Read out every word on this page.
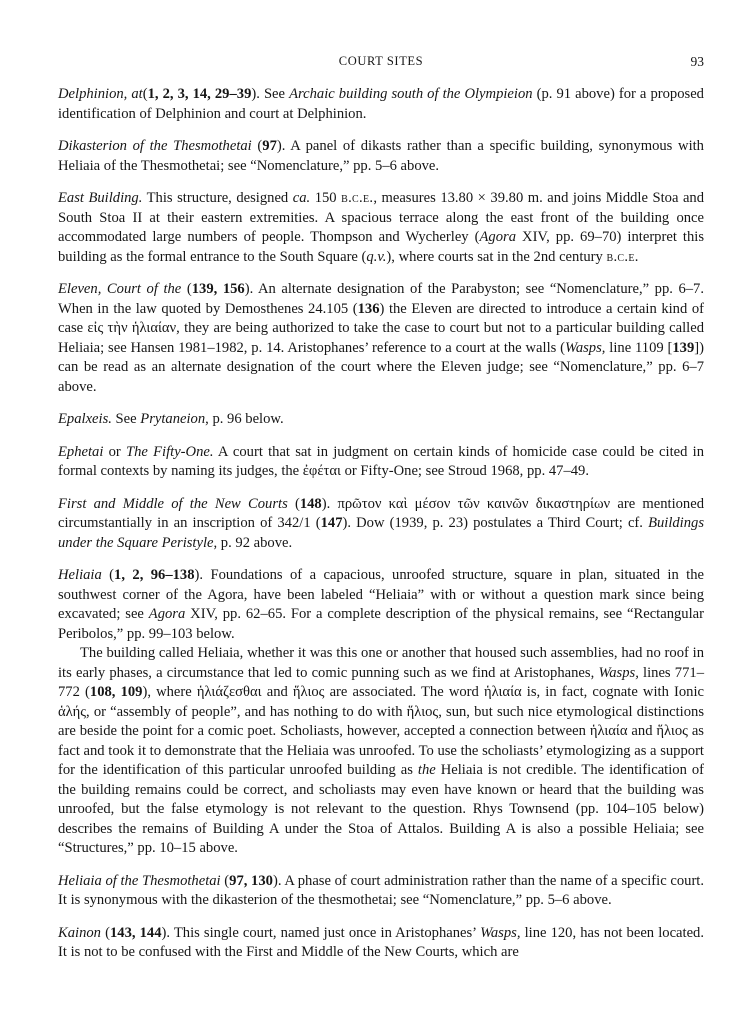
COURT SITES	93

Delphinion, at(1, 2, 3, 14, 29–39). See Archaic building south of the Olympieion (p. 91 above) for a proposed identification of Delphinion and court at Delphinion.

Dikasterion of the Thesmothetai (97). A panel of dikasts rather than a specific building, synonymous with Heliaia of the Thesmothetai; see “Nomenclature,” pp. 5–6 above.

East Building. This structure, designed ca. 150 b.c.e., measures 13.80 × 39.80 m. and joins Middle Stoa and South Stoa II at their eastern extremities. A spacious terrace along the east front of the building once accommodated large numbers of people. Thompson and Wycherley (Agora XIV, pp. 69–70) interpret this building as the formal entrance to the South Square (q.v.), where courts sat in the 2nd century b.c.e.

Eleven, Court of the (139, 156). An alternate designation of the Parabyston; see “Nomenclature,” pp. 6–7. When in the law quoted by Demosthenes 24.105 (136) the Eleven are directed to introduce a certain kind of case εἰς τὴν ἡλιαίαν, they are being authorized to take the case to court but not to a particular building called Heliaia; see Hansen 1981–1982, p. 14. Aristophanes’ reference to a court at the walls (Wasps, line 1109 [139]) can be read as an alternate designation of the court where the Eleven judge; see “Nomenclature,” pp. 6–7 above.

Epalxeis. See Prytaneion, p. 96 below.

Ephetai or The Fifty-One. A court that sat in judgment on certain kinds of homicide case could be cited in formal contexts by naming its judges, the ἐφέται or Fifty-One; see Stroud 1968, pp. 47–49.

First and Middle of the New Courts (148). πρῶτον καὶ μέσον τῶν καινῶν δικαστηρίων are mentioned circumstantially in an inscription of 342/1 (147). Dow (1939, p. 23) postulates a Third Court; cf. Buildings under the Square Peristyle, p. 92 above.

Heliaia (1, 2, 96–138). Foundations of a capacious, unroofed structure, square in plan, situated in the southwest corner of the Agora, have been labeled “Heliaia” with or without a question mark since being excavated; see Agora XIV, pp. 62–65. For a complete description of the physical remains, see “Rectangular Peribolos,” pp. 99–103 below.

The building called Heliaia, whether it was this one or another that housed such assemblies, had no roof in its early phases, a circumstance that led to comic punning such as we find at Aristophanes, Wasps, lines 771–772 (108, 109), where ἡλιάζεσθαι and ἥλιος are associated. The word ἡλιαία is, in fact, cognate with Ionic ἁλής, or “assembly of people”, and has nothing to do with ἥλιος, sun, but such nice etymological distinctions are beside the point for a comic poet. Scholiasts, however, accepted a connection between ἡλιαία and ἥλιος as fact and took it to demonstrate that the Heliaia was unroofed. To use the scholiasts’ etymologizing as a support for the identification of this particular unroofed building as the Heliaia is not credible. The identification of the building remains could be correct, and scholiasts may even have known or heard that the building was unroofed, but the false etymology is not relevant to the question. Rhys Townsend (pp. 104–105 below) describes the remains of Building A under the Stoa of Attalos. Building A is also a possible Heliaia; see “Structures,” pp. 10–15 above.

Heliaia of the Thesmothetai (97, 130). A phase of court administration rather than the name of a specific court. It is synonymous with the dikasterion of the thesmothetai; see “Nomenclature,” pp. 5–6 above.

Kainon (143, 144). This single court, named just once in Aristophanes’ Wasps, line 120, has not been located. It is not to be confused with the First and Middle of the New Courts, which are
